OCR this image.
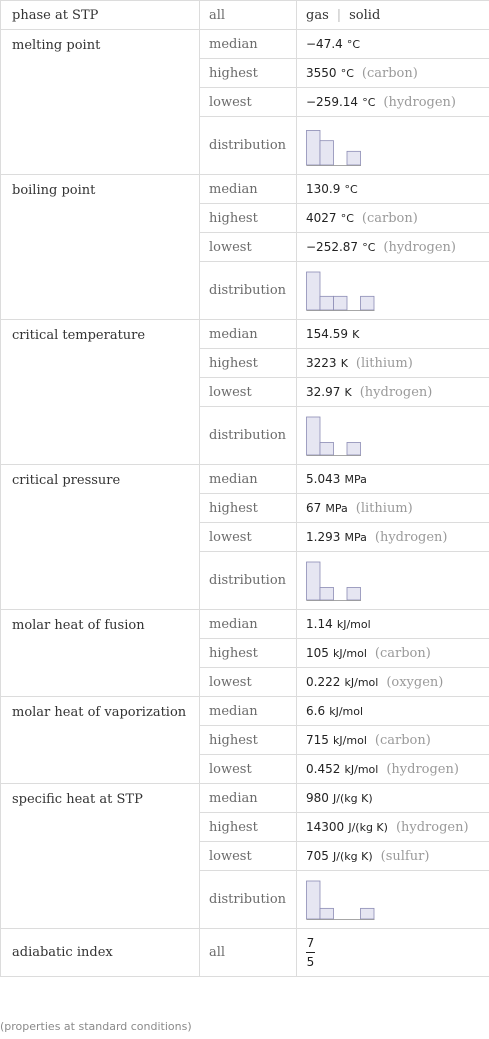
phase at STP	all	gas | solid
melting point	median	−47.4 °C
	highest	3550 °C (carbon)
	lowest	−259.14 °C (hydrogen)
	distribution	

boiling point	median	130.9 °C
	highest	4027 °C (carbon)
	lowest	−252.87 °C (hydrogen)
	distribution	

critical temperature	median	154.59 K
	highest	3223 K (lithium)
	lowest	32.97 K (hydrogen)
	distribution	

critical pressure	median	5.043 MPa
	highest	67 MPa (lithium)
	lowest	1.293 MPa (hydrogen)
	distribution	

molar heat of fusion	median	1.14 kJ/mol
	highest	105 kJ/mol (carbon)
	lowest	0.222 kJ/mol (oxygen)
molar heat of vaporization	median	6.6 kJ/mol
	highest	715 kJ/mol (carbon)
	lowest	0.452 kJ/mol (hydrogen)
specific heat at STP	median	980 J/(kg K)
	highest	14300 J/(kg K) (hydrogen)
	lowest	705 J/(kg K) (sulfur)
	distribution	

adiabatic index	all	$\frac{7}{5}$
(properties at standard conditions)
